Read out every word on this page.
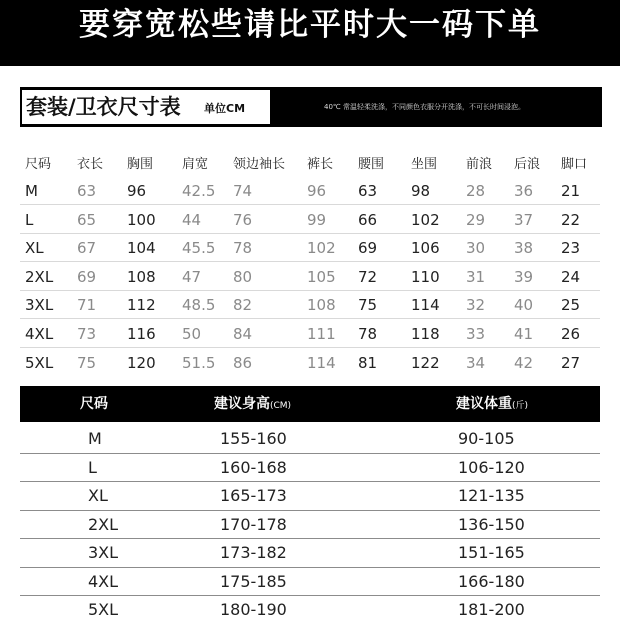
要穿宽松些请比平时大一码下单
套装/卫衣尺寸表 单位CM	40℃ 常温轻柔洗涤，不同颜色衣服分开洗涤，不可长时间浸泡。
尺码 衣长 胸围 肩宽 领边袖长 裤长 腰围 坐围 前浪 后浪 脚口
M	63 96 42.5 74	96 63 98 28 36 21
L	65 100 44 76	99 66 102 29 37 22
XL 67 104 45.5 78	102 69 106 30 38 23
2XL 69 108 47 80	105 72 110 31 39 24
3XL 71 112 48.5 82	108 75 114 32 40 25
4XL 73 116 50 84	111 78 118 33 41 26
5XL 75 120 51.5 86	114 81 122 34 42 27
尺码	建议身高(CM)	建议体重(斤)
M	155-160	90-105
L	160-168	106-120
XL	165-173	121-135
2XL	170-178	136-150
3XL	173-182	151-165
4XL	175-185	166-180
5XL	180-190	181-200
